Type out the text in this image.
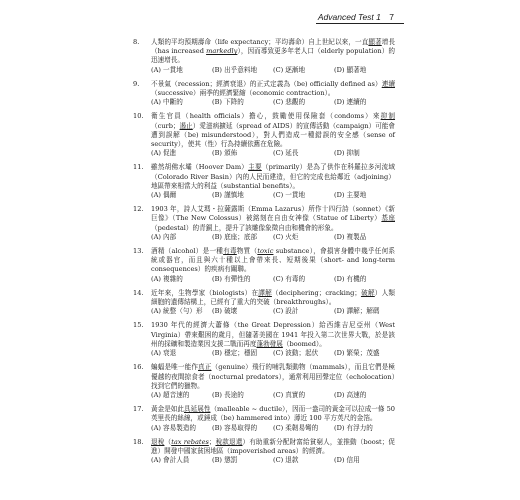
Advanced Test 1 7
8. 人類的平均預期壽命（life expectancy；平均壽命）自上世紀以來，一直顯著增長（has increased markedly），因而導致更多年老人口（elderly population）的迅速增長。
(A) 一貫地	(B) 出乎意料地	(C) 逐漸地	(D) 顯著地
9. 不景氣（recession；經濟衰退）的正式定義為（be) officially defined as）連續（successive）兩季的經濟緊縮（economic contraction）。
(A) 中斷的	(B) 下降的	(C) 悲觀的	(D) 連續的
10. 衛生官員（health officials）擔心，鼓勵使用保險套（condoms）來抑制（curb；遏止）愛滋病擴延（spread of AIDS）的宣傳活動（campaign）可能會遭到誤解（be) misunderstood），對人們造成一種錯誤的安全感（sense of security），使其（性）行為持續依舊在危險。
(A) 促進	(B) 頒佈	(C) 延長	(D) 抑制
11. 雖然胡佛水壩（Hoover Dam）主要（primarily）是為了供作在科羅拉多河流域（Colorado River Basin）內的人民而建造，但它的完成也給鄰近（adjoining）地區帶來相當大的利益（substantial benefits）。
(A) 偶爾	(B) 謹慎地	(C) 一貫地	(D) 主要地
12. 1903 年，詩人艾瑪・拉薩露斯（Emma Lazarus）所作十四行詩（sonnet）《新巨像》（The New Colossus）被銘刻在自由女神像（Statue of Liberty）基座（pedestal）的青銅上，提升了該雕像象徵自由和機會的形象。
(A) 內部	(B) 底座；底部	(C) 火炬	(D) 複製品
13. 酒精（alcohol）是一種有毒物質（toxic substance），會損害身體中幾乎任何系統或器官，而且與六十種以上會帶來長、短期後果（short- and long-term consequences）的疾病有關聯。
(A) 複雜的	(B) 有彈性的	(C) 有毒的	(D) 有機的
14. 近年來，生物學家（biologists）在譯解（deciphering；cracking；破解）人類細胞的遺傳結構上，已經有了重大的突破（breakthroughs）。
(A) 統整（勻）形	(B) 破壞	(C) 設計	(D) 譯解；解碼
15. 1930 年代的經濟大蕭條（the Great Depression）給西維吉尼亞州（West Virginia）帶來艱困的歲月，但隨著美國在 1941 年投入第二次世界大戰，於是該州的採礦和製造業因支援二戰而再度蓬勃發展（boomed）。
(A) 衰退	(B) 穩定；穩固	(C) 波動；起伏	(D) 繁榮；茂盛
16. 蝙蝠是唯一能作真正（genuine）飛行的哺乳類動物（mammals），而且它們是極優越的夜間掠食者（nocturnal predators），通常利用回聲定位（echolocation）找到它們的獵物。
(A) 超音速的	(B) 長途的	(C) 真實的	(D) 高速的
17. 黃金是如此具延展性（malleable ~ ductile），因而一盎司的黃金可以拉成一條 50 英里長的絲線，或錘成（be) hammered into）薄近 100 平方英尺的金箔。
(A) 容易製造的	(B) 容易取得的	(C) 柔韌易彎的	(D) 有浮力的
18. 退稅（tax rebates；稅款退還）有助重新分配財富給貧窮人，並推動（boost；促進）開發中國家貧困地區（impoverished areas）的經濟。
(A) 會計人員	(B) 懲罰	(C) 退款	(D) 信用
